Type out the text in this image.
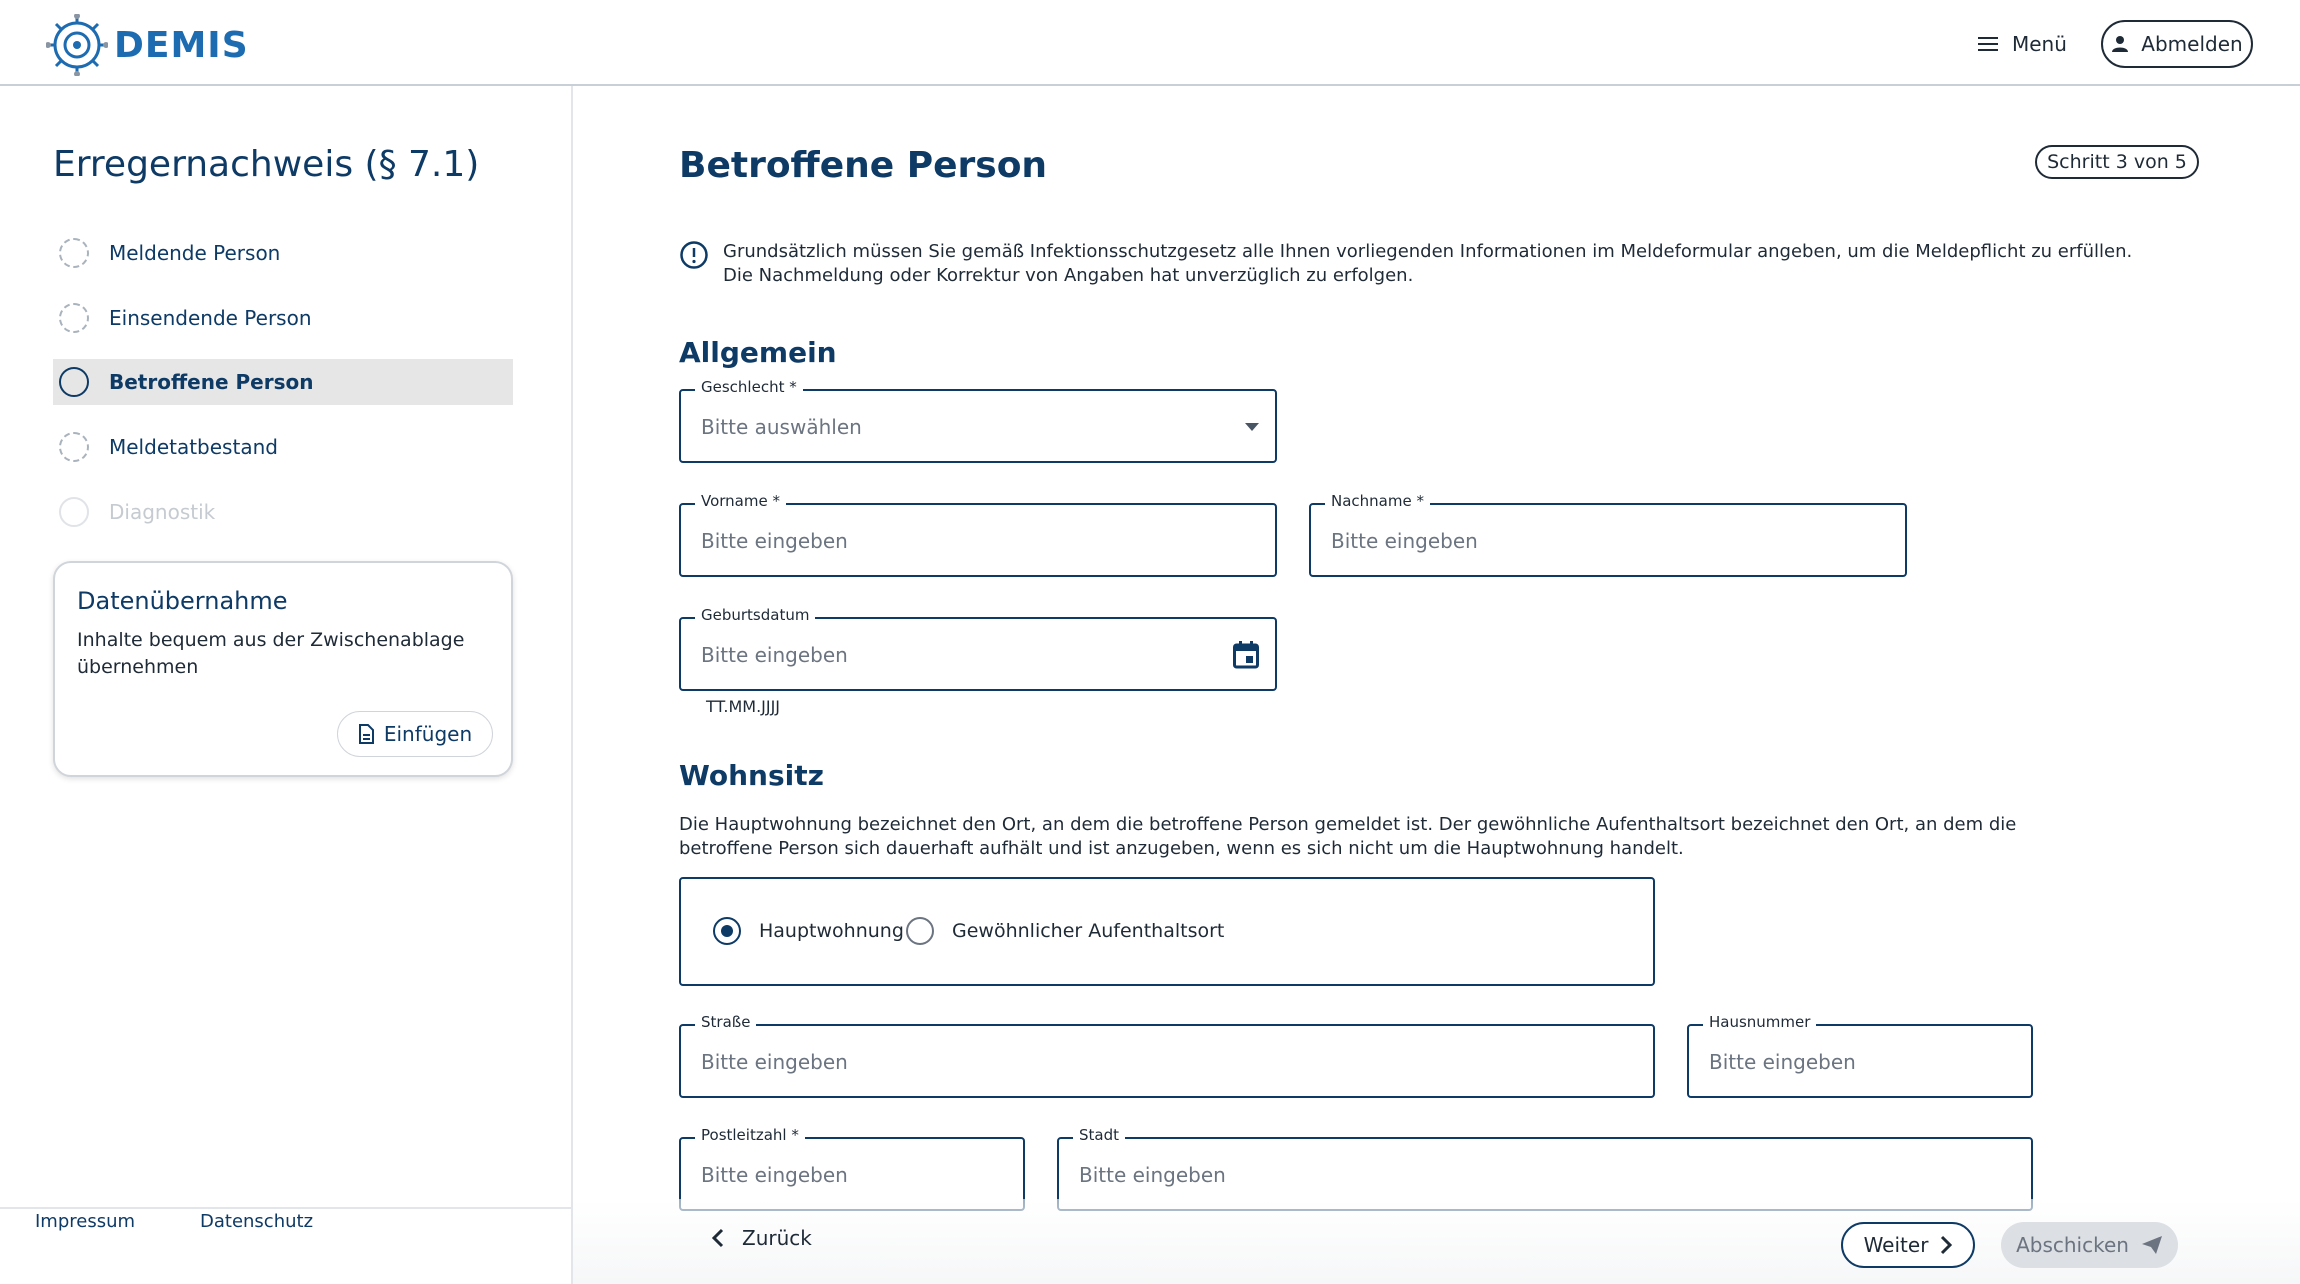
DEMIS	Menü	Abmelden
Erregernachweis (§ 7.1)
Meldende Person
Einsendende Person
Betroffene Person
Meldetatbestand
Diagnostik
Datenübernahme
Inhalte bequem aus der Zwischenablage übernehmen
Einfügen
Impressum	Datenschutz
Betroffene Person	Schritt 3 von 5
Grundsätzlich müssen Sie gemäß Infektionsschutzgesetz alle Ihnen vorliegenden Informationen im Meldeformular angeben, um die Meldepflicht zu erfüllen. Die Nachmeldung oder Korrektur von Angaben hat unverzüglich zu erfolgen.
Allgemein
Geschlecht *
Bitte auswählen
Vorname *
Bitte eingeben
Nachname *
Bitte eingeben
Geburtsdatum
Bitte eingeben
TT.MM.JJJJ
Wohnsitz
Die Hauptwohnung bezeichnet den Ort, an dem die betroffene Person gemeldet ist. Der gewöhnliche Aufenthaltsort bezeichnet den Ort, an dem die betroffene Person sich dauerhaft aufhält und ist anzugeben, wenn es sich nicht um die Hauptwohnung handelt.
Hauptwohnung	Gewöhnlicher Aufenthaltsort
Straße
Bitte eingeben
Hausnummer
Bitte eingeben
Postleitzahl *
Bitte eingeben
Stadt
Bitte eingeben
Zurück	Weiter	Abschicken
